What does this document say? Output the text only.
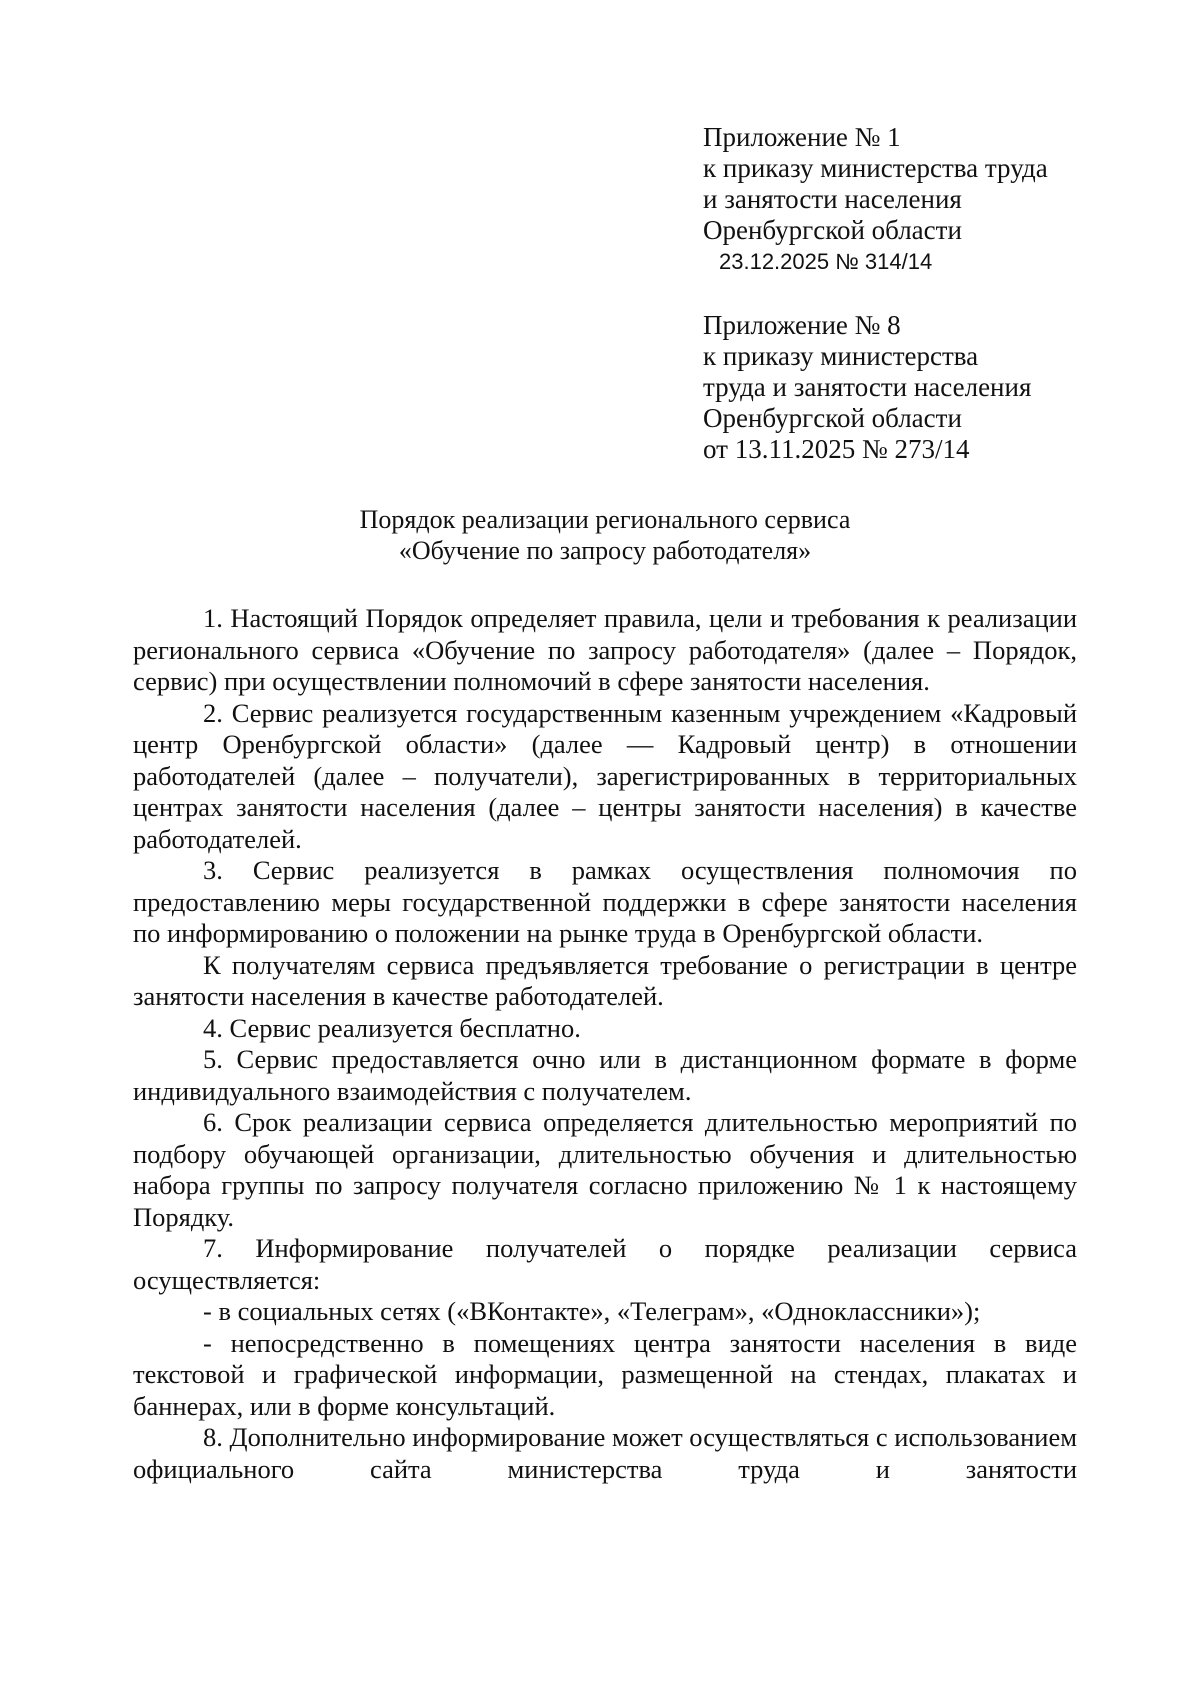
Приложение № 1
к приказу министерства труда
и занятости населения
Оренбургской области
23.12.2025 № 314/14
Приложение № 8
к приказу министерства
труда и занятости населения
Оренбургской области
от 13.11.2025 № 273/14
Порядок реализации регионального сервиса
«Обучение по запросу работодателя»

1. Настоящий Порядок определяет правила, цели и требования к реализации регионального сервиса «Обучение по запросу работодателя» (далее – Порядок, сервис) при осуществлении полномочий в сфере занятости населения.

2. Сервис реализуется государственным казенным учреждением «Кадровый центр Оренбургской области» (далее — Кадровый центр) в отношении работодателей (далее – получатели), зарегистрированных в территориальных центрах занятости населения (далее – центры занятости населения) в качестве работодателей.

3. Сервис реализуется в рамках осуществления полномочия по предоставлению меры государственной поддержки в сфере занятости населения по информированию о положении на рынке труда в Оренбургской области.

К получателям сервиса предъявляется требование о регистрации в центре занятости населения в качестве работодателей.

4. Сервис реализуется бесплатно.

5. Сервис предоставляется очно или в дистанционном формате в форме индивидуального взаимодействия с получателем.

6. Срок реализации сервиса определяется длительностью мероприятий по подбору обучающей организации, длительностью обучения и длительностью набора группы по запросу получателя согласно приложению № 1 к настоящему Порядку.

7. Информирование получателей о порядке реализации сервиса осуществляется:

- в социальных сетях («ВКонтакте», «Телеграм», «Одноклассники»);

- непосредственно в помещениях центра занятости населения в виде текстовой и графической информации, размещенной на стендах, плакатах и баннерах, или в форме консультаций.

8. Дополнительно информирование может осуществляться с использованием официального сайта министерства труда и занятости
